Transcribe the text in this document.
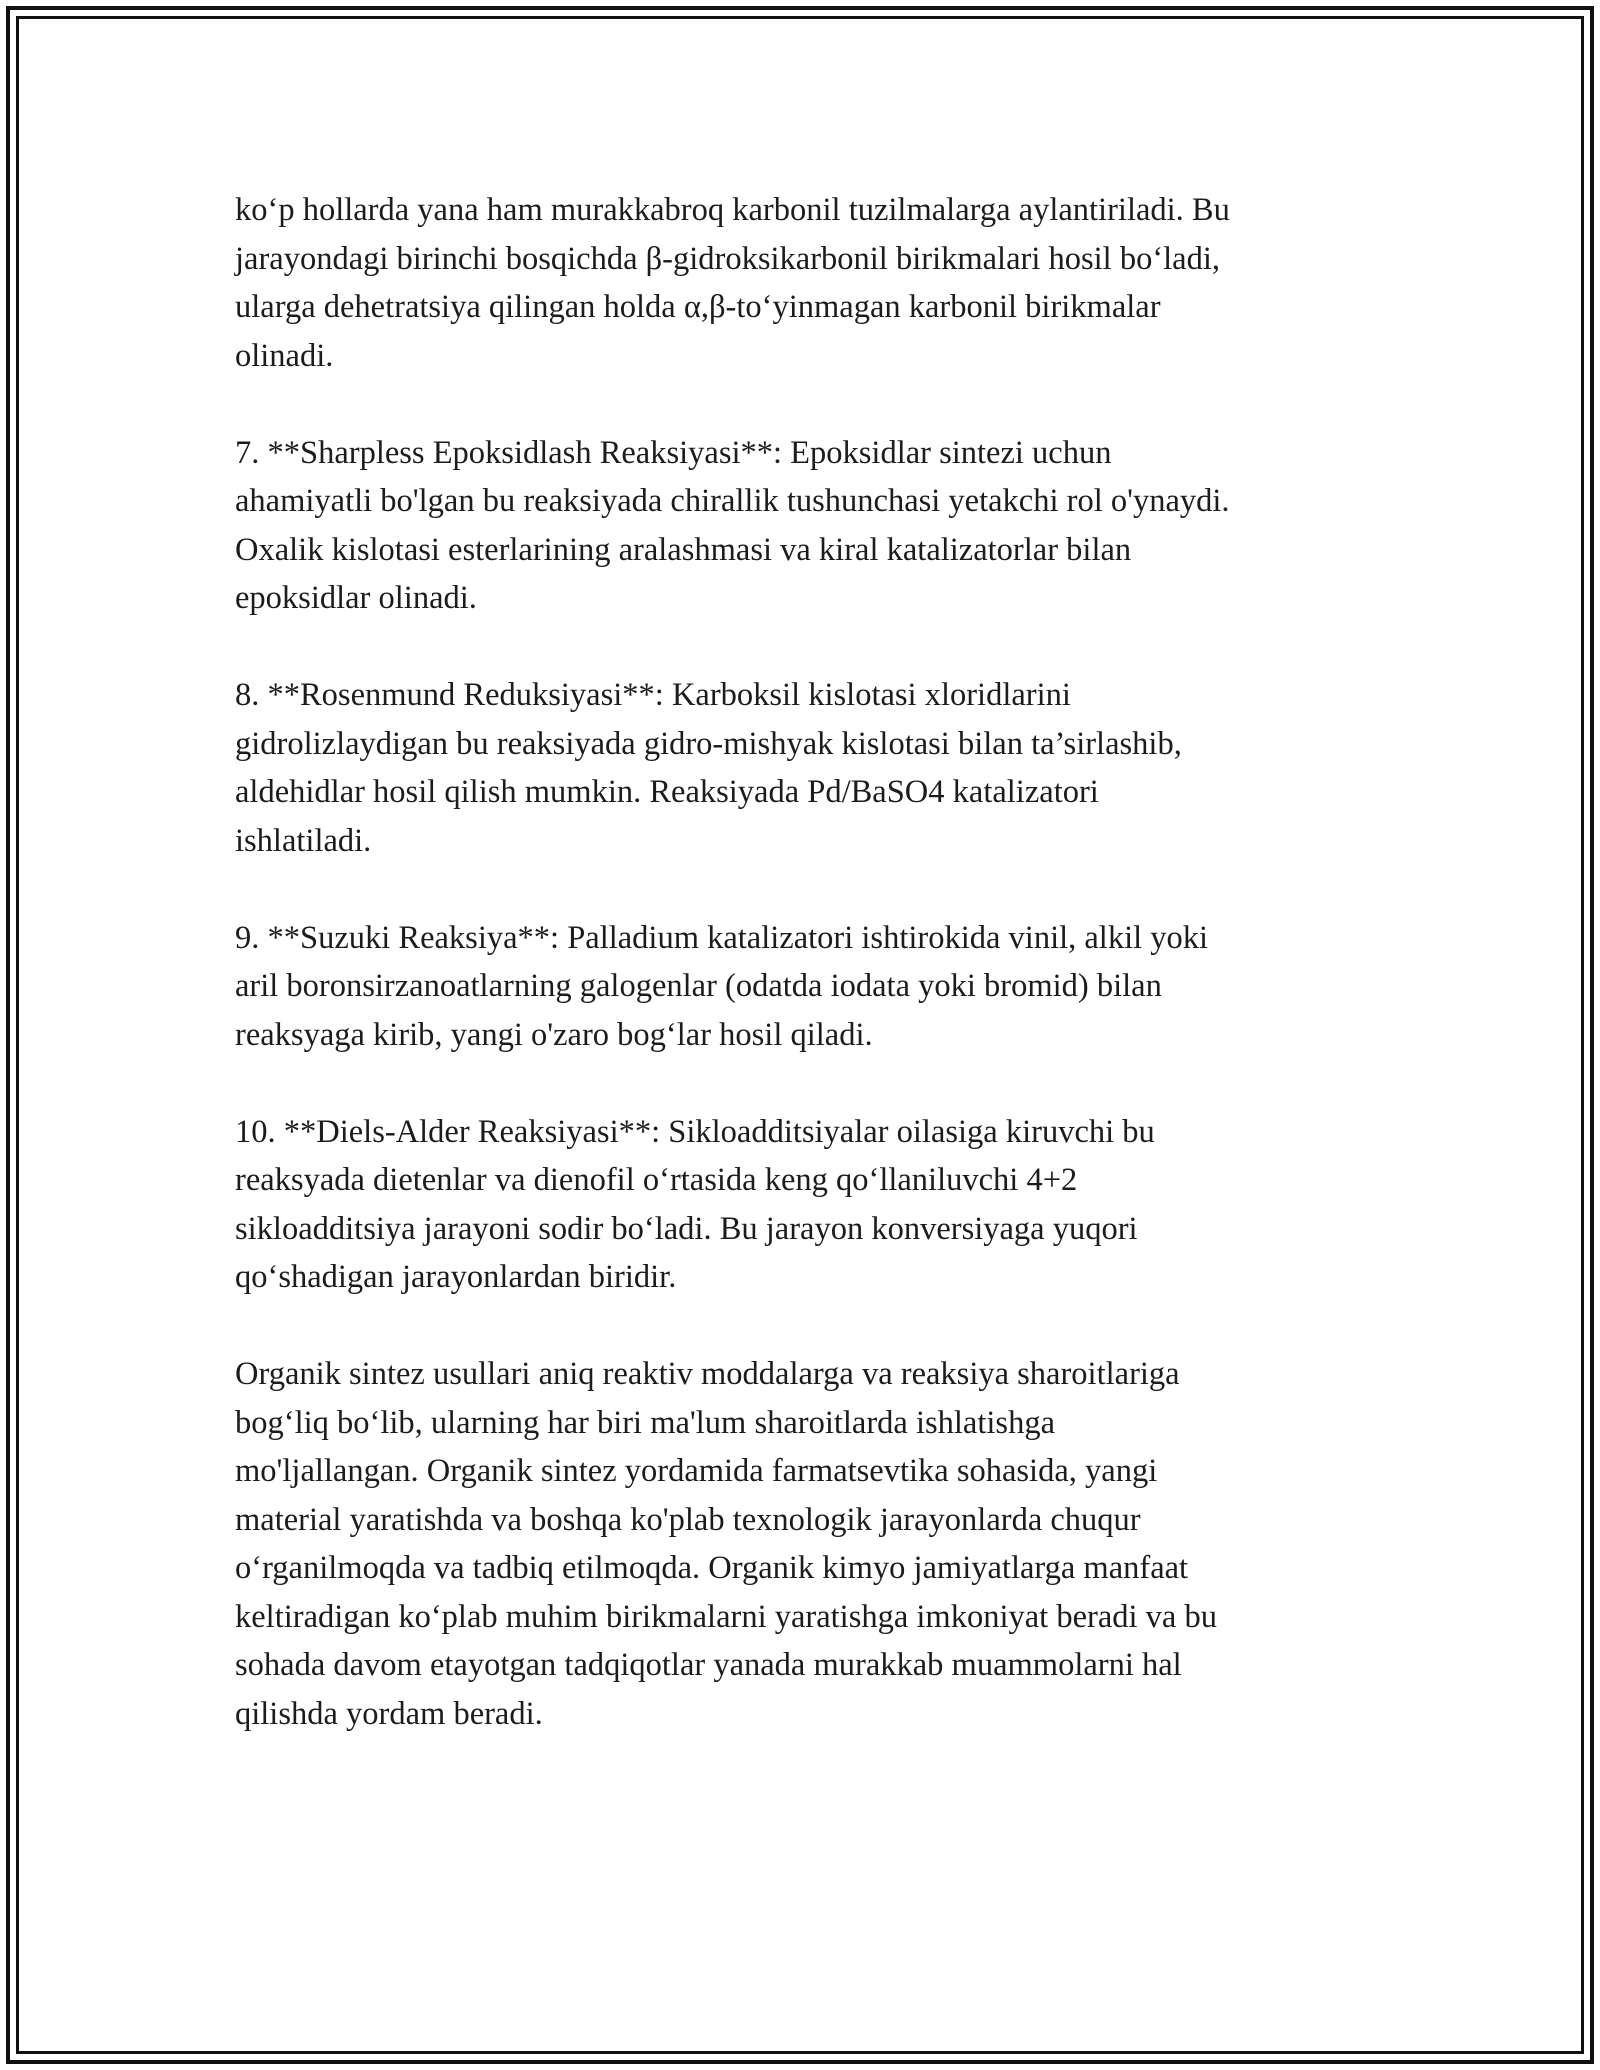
ko‘p hollarda yana ham murakkabroq karbonil tuzilmalarga aylantiriladi. Bu
jarayondagi birinchi bosqichda β-gidroksikarbonil birikmalari hosil bo‘ladi,
ularga dehetratsiya qilingan holda α,β-to‘yinmagan karbonil birikmalar
olinadi.

7. **Sharpless Epoksidlash Reaksiyasi**: Epoksidlar sintezi uchun
ahamiyatli bo'lgan bu reaksiyada chirallik tushunchasi yetakchi rol o'ynaydi.
Oxalik kislotasi esterlarining aralashmasi va kiral katalizatorlar bilan
epoksidlar olinadi.

8. **Rosenmund Reduksiyasi**: Karboksil kislotasi xloridlarini
gidrolizlaydigan bu reaksiyada gidro-mishyak kislotasi bilan ta’sirlashib,
aldehidlar hosil qilish mumkin. Reaksiyada Pd/BaSO4 katalizatori
ishlatiladi.

9. **Suzuki Reaksiya**: Palladium katalizatori ishtirokida vinil, alkil yoki
aril boronsirzanoatlarning galogenlar (odatda iodata yoki bromid) bilan
reaksyaga kirib, yangi o'zaro bog‘lar hosil qiladi.

10. **Diels-Alder Reaksiyasi**: Sikloadditsiyalar oilasiga kiruvchi bu
reaksyada dietenlar va dienofil o‘rtasida keng qo‘llaniluvchi 4+2
sikloadditsiya jarayoni sodir bo‘ladi. Bu jarayon konversiyaga yuqori
qo‘shadigan jarayonlardan biridir.

Organik sintez usullari aniq reaktiv moddalarga va reaksiya sharoitlariga
bog‘liq bo‘lib, ularning har biri ma'lum sharoitlarda ishlatishga
mo'ljallangan. Organik sintez yordamida farmatsevtika sohasida, yangi
material yaratishda va boshqa ko'plab texnologik jarayonlarda chuqur
o‘rganilmoqda va tadbiq etilmoqda. Organik kimyo jamiyatlarga manfaat
keltiradigan ko‘plab muhim birikmalarni yaratishga imkoniyat beradi va bu
sohada davom etayotgan tadqiqotlar yanada murakkab muammolarni hal
qilishda yordam beradi.
